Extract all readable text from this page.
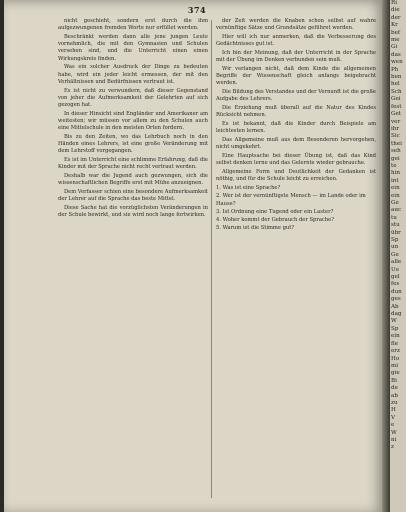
374

nicht geschieht, sondern erst durch die ihm aufgezwungenen fremden Worte nur erfüllet werden.

Beschränkt werden dann alle jene jungen Leute vornehmlich, die mit den Gymnasien und Schulen versehen sind, und die Unterricht einen einen Wirkungskreis finden.

Was ein solcher Ausdruck der Dinge zu bedeuten habe, wird ein jeder leicht ermessen, der mit den Verhältnissen und Bedürfnissen vertraut ist.

Es ist nicht zu verwundern, daß dieser Gegenstand von jeher die Aufmerksamkeit der Gelehrten auf sich gezogen hat.

In dieser Hinsicht sind Engländer und Amerikaner am weitesten; wir müssen vor allem zu den Schulen auch eine Mittelschule in den meisten Orten fordern.

Bis zu den Zeiten, wo das Lehrbuch noch in den Händen eines Lehrers, ist eine große Veränderung mit dem Lehrstoff vorgegangen.

Es ist im Unterricht eine schlimme Erfahrung, daß die Kinder mit der Sprache nicht recht vertraut werden.

Deshalb war die Jugend auch gezwungen, sich die wissenschaftlichen Begriffe erst mit Mühe anzueignen.

Dem Verfasser schien eine besondere Aufmerksamkeit der Lehrer auf die Sprache das beste Mittel.

Diese Sache hat die vorzüglichsten Veränderungen in der Schule bewirkt, und sie wird noch lange fortwirken.

der Zeit werden die Knaben schon selbst auf wahre vernünftige Sätze und Grundsätze geführet werden.

Hier will ich nur anmerken, daß die Verbesserung des Gedächtnisses gut ist.

Ich bin der Meinung, daß der Unterricht in der Sprache mit der Übung im Denken verbunden sein muß.

Wir verlangen nicht, daß dem Kinde die allgemeinen Begriffe der Wissenschaft gleich anfangs beigebracht werden.

Die Bildung des Verstandes und der Vernunft ist die große Aufgabe des Lehrers.

Die Erziehung muß überall auf die Natur des Kindes Rücksicht nehmen.

Es ist bekannt, daß die Kinder durch Beispiele am leichtesten lernen.

Das Allgemeine muß aus dem Besonderen hervorgehen, nicht umgekehrt.

Eine Hauptsache bei dieser Übung ist, daß das Kind selbst denken lerne und das Gelernte wieder gebrauche.

Allgemeine Form und Deutlichkeit der Gedanken ist nöthig, und für die Schule leicht zu erreichen.

1. Was ist eine Sprache?

2. Wer ist der vernünftigste Mensch — im Lande oder im Hause?

3. Ist Ordnung eine Tugend oder ein Laster?

4. Woher kommt der Gebrauch der Sprache?

5. Warum ist die Stimme gut?

Ri
die
der
Kr
bef
me
Gi
das
wen
Ph
ben
hel
Sch
Gei
fest
Get
ver
ihr
Sic
thei
seh
gei
te
hin
int
ein
ein
Ge
auc
tu
stu
übr
Sp
un
Ge
alle
Ue
gel
fes
dun
ges
Ab
dag
W
Sp
ein
fle
erz
Ho
mi
gie
Bi
de
ab
zu
H
V
e
W
ni
z
